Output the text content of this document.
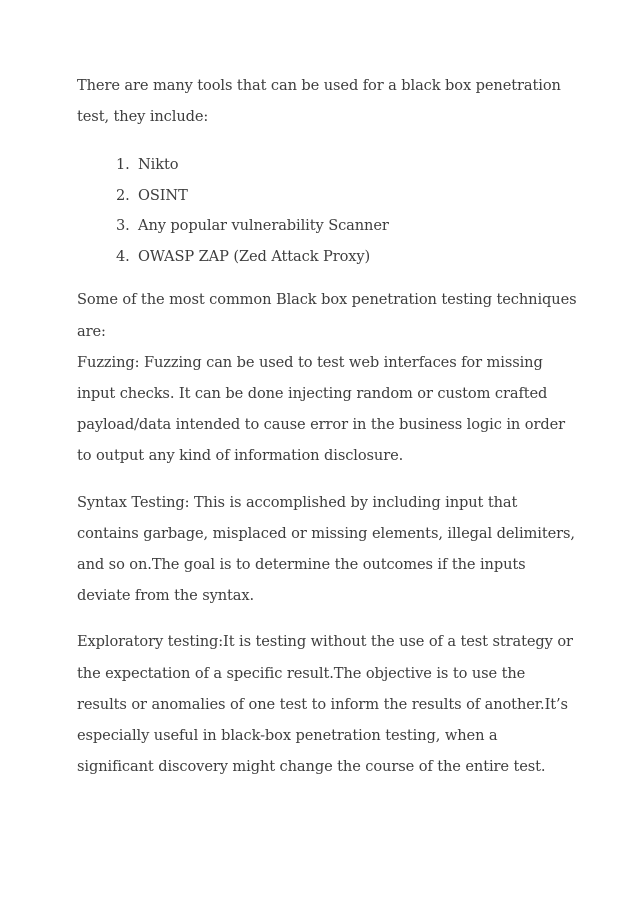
There are many tools that can be used for a black box penetration test, they include:

1. Nikto
2. OSINT
3. Any popular vulnerability Scanner
4. OWASP ZAP (Zed Attack Proxy)

Some of the most common Black box penetration testing techniques are:

Fuzzing: Fuzzing can be used to test web interfaces for missing input checks. It can be done injecting random or custom crafted payload/data intended to cause error in the business logic in order to output any kind of information disclosure.

Syntax Testing: This is accomplished by including input that contains garbage, misplaced or missing elements, illegal delimiters, and so on.The goal is to determine the outcomes if the inputs deviate from the syntax.

Exploratory testing:It is testing without the use of a test strategy or the expectation of a specific result.The objective is to use the results or anomalies of one test to inform the results of another.It’s especially useful in black-box penetration testing, when a significant discovery might change the course of the entire test.
